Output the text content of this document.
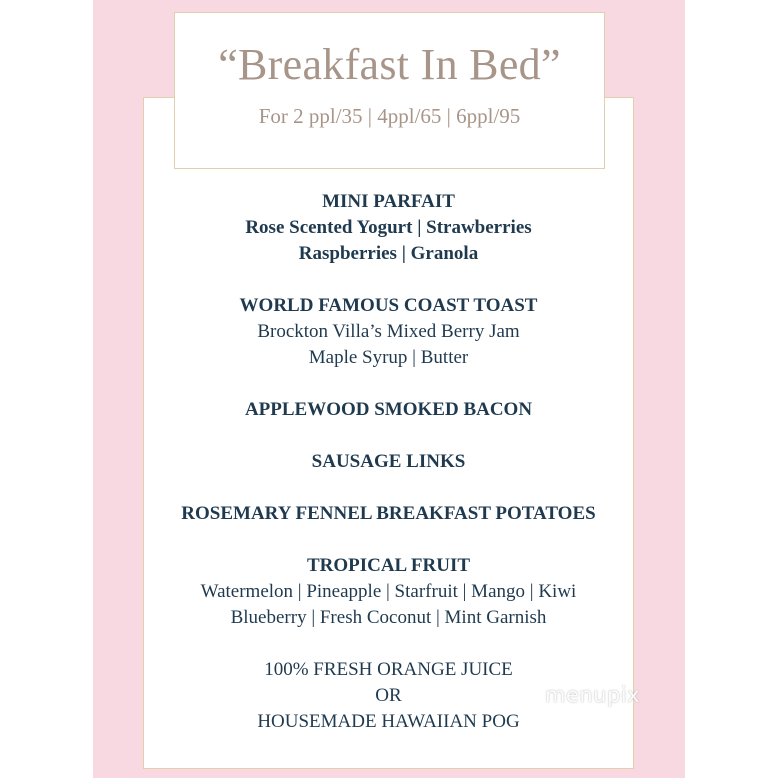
“Breakfast In Bed”

For 2 ppl/35 | 4ppl/65 | 6ppl/95

MINI PARFAIT
Rose Scented Yogurt | Strawberries
Raspberries | Granola
WORLD FAMOUS COAST TOAST
Brockton Villa’s Mixed Berry Jam
Maple Syrup | Butter
APPLEWOOD SMOKED BACON
SAUSAGE LINKS
ROSEMARY FENNEL BREAKFAST POTATOES
TROPICAL FRUIT
Watermelon | Pineapple | Starfruit | Mango | Kiwi
Blueberry | Fresh Coconut | Mint Garnish
100% FRESH ORANGE JUICE
OR
HOUSEMADE HAWAIIAN POG
menupix
